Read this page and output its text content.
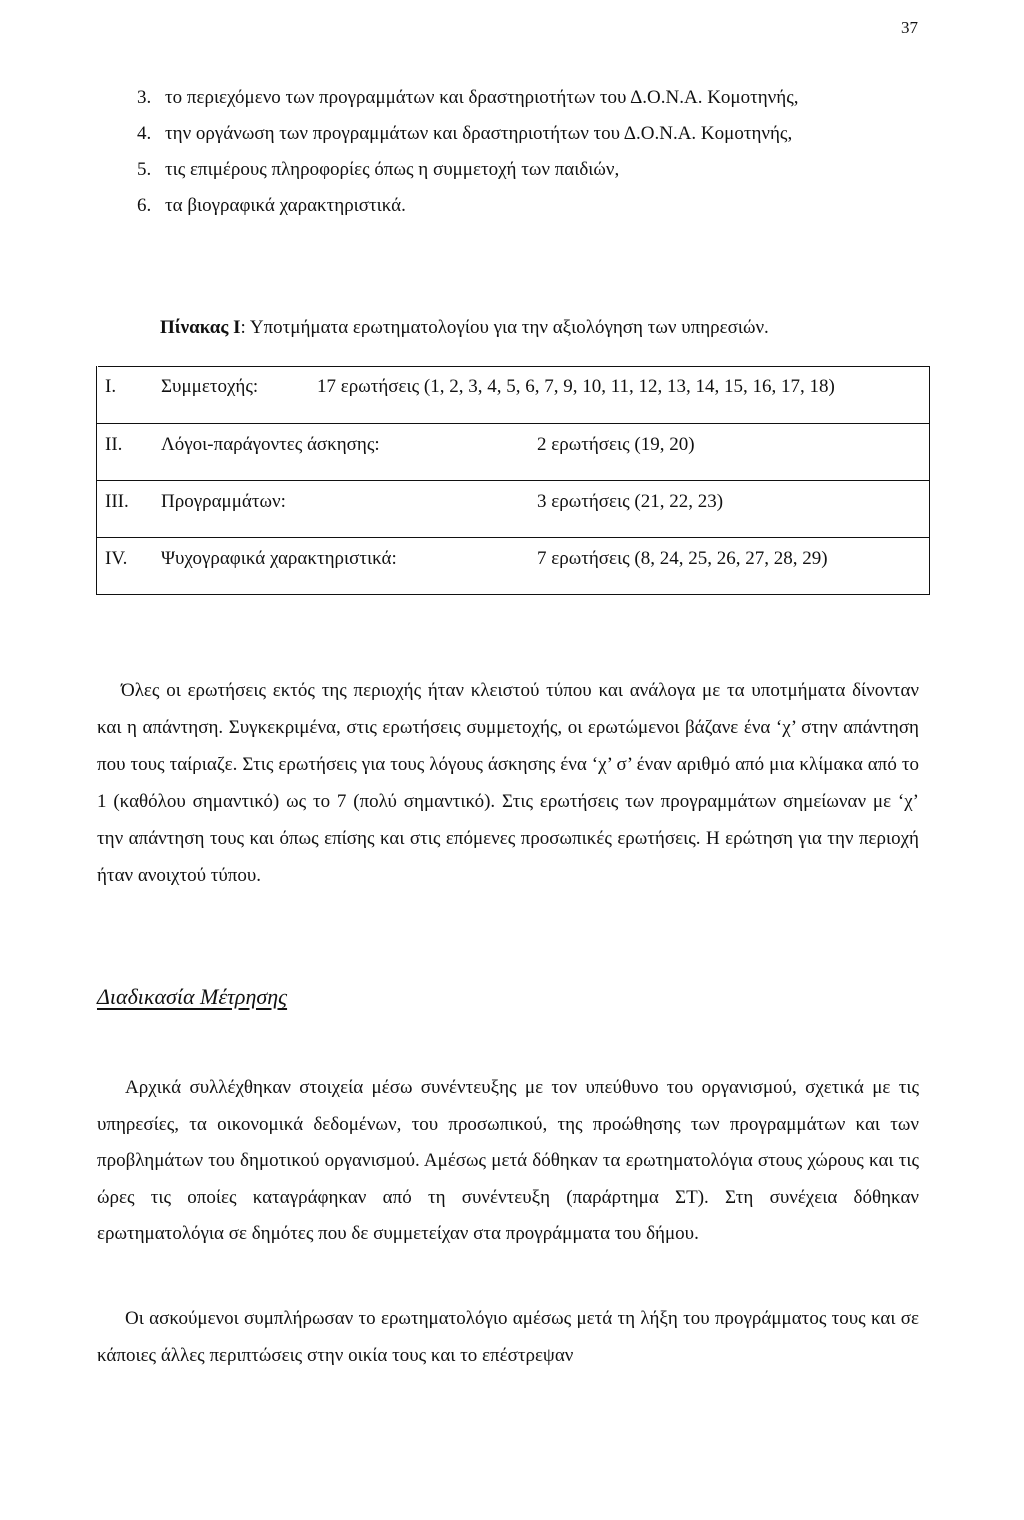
37
3. το περιεχόμενο των προγραμμάτων και δραστηριοτήτων του Δ.Ο.Ν.Α. Κομοτηνής,
4. την οργάνωση των προγραμμάτων και δραστηριοτήτων του Δ.Ο.Ν.Α. Κομοτηνής,
5. τις επιμέρους πληροφορίες όπως η συμμετοχή των παιδιών,
6. τα βιογραφικά χαρακτηριστικά.
Πίνακας Ι: Υποτμήματα ερωτηματολογίου για την αξιολόγηση των υπηρεσιών.
I. Συμμετοχής:	17 ερωτήσεις (1, 2, 3, 4, 5, 6, 7, 9, 10, 11, 12, 13, 14, 15, 16, 17, 18)
II. Λόγοι-παράγοντες άσκησης:	2 ερωτήσεις (19, 20)
III. Προγραμμάτων:	3 ερωτήσεις (21, 22, 23)
IV. Ψυχογραφικά χαρακτηριστικά:	7 ερωτήσεις (8, 24, 25, 26, 27, 28, 29)

Όλες οι ερωτήσεις εκτός της περιοχής ήταν κλειστού τύπου και ανάλογα με τα υποτμήματα δίνονταν και η απάντηση. Συγκεκριμένα, στις ερωτήσεις συμμετοχής, οι ερωτώμενοι βάζανε ένα ‘χ’ στην απάντηση που τους ταίριαζε. Στις ερωτήσεις για τους λόγους άσκησης ένα ‘χ’ σ’ έναν αριθμό από μια κλίμακα από το 1 (καθόλου σημαντικό) ως το 7 (πολύ σημαντικό). Στις ερωτήσεις των προγραμμάτων σημείωναν με ‘χ’ την απάντηση τους και όπως επίσης και στις επόμενες προσωπικές ερωτήσεις. Η ερώτηση για την περιοχή ήταν ανοιχτού τύπου.

Διαδικασία Μέτρησης

Αρχικά συλλέχθηκαν στοιχεία μέσω συνέντευξης με τον υπεύθυνο του οργανισμού, σχετικά με τις υπηρεσίες, τα οικονομικά δεδομένων, του προσωπικού, της προώθησης των προγραμμάτων και των προβλημάτων του δημοτικού οργανισμού. Αμέσως μετά δόθηκαν τα ερωτηματολόγια στους χώρους και τις ώρες τις οποίες καταγράφηκαν από τη συνέντευξη (παράρτημα ΣΤ). Στη συνέχεια δόθηκαν ερωτηματολόγια σε δημότες που δε συμμετείχαν στα προγράμματα του δήμου.

Οι ασκούμενοι συμπλήρωσαν το ερωτηματολόγιο αμέσως μετά τη λήξη του προγράμματος τους και σε κάποιες άλλες περιπτώσεις στην οικία τους και το επέστρεψαν
